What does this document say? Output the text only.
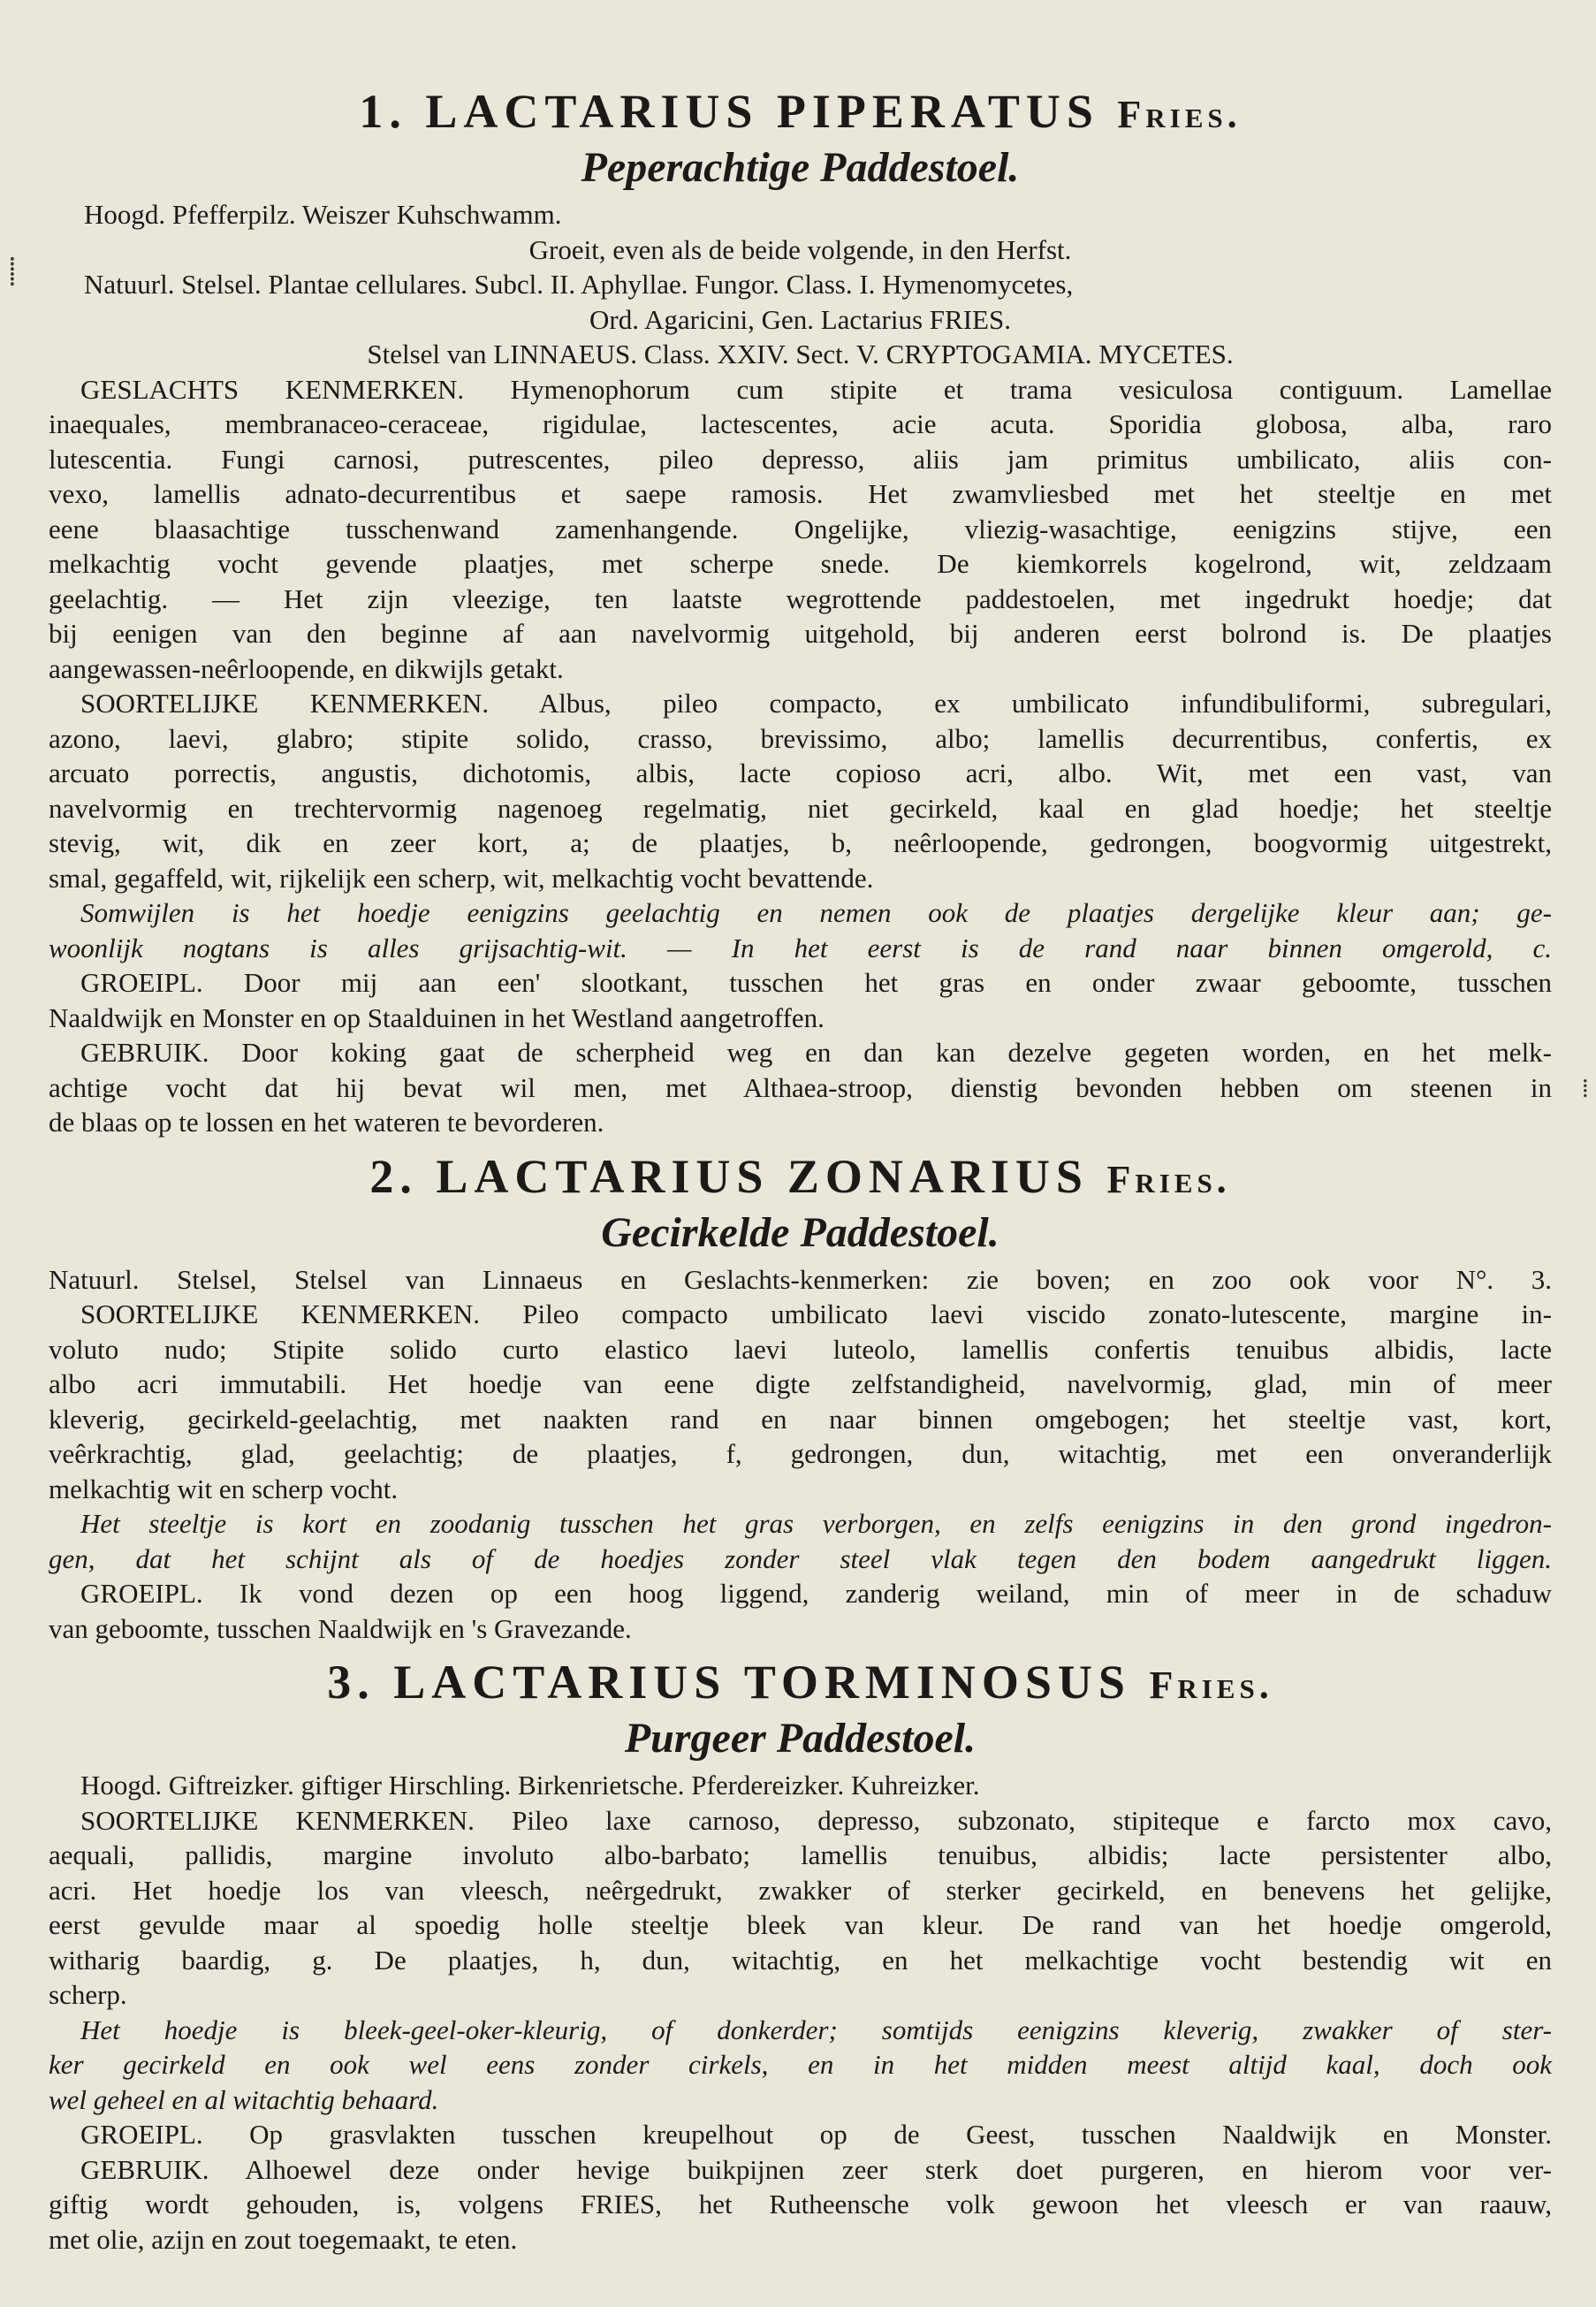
⸽
⁞
1. LACTARIUS PIPERATUS Fries.

Peperachtige Paddestoel.

Hoogd. Pfefferpilz. Weiszer Kuhschwamm.

Groeit, even als de beide volgende, in den Herfst.

Natuurl. Stelsel. Plantae cellulares. Subcl. II. Aphyllae. Fungor. Class. I. Hymenomycetes,

Ord. Agaricini, Gen. Lactarius FRIES.

Stelsel van LINNAEUS. Class. XXIV. Sect. V. CRYPTOGAMIA. MYCETES.

GESLACHTS KENMERKEN. Hymenophorum cum stipite et trama vesiculosa contiguum. Lamellae

inaequales, membranaceo-ceraceae, rigidulae, lactescentes, acie acuta. Sporidia globosa, alba, raro

lutescentia. Fungi carnosi, putrescentes, pileo depresso, aliis jam primitus umbilicato, aliis con-

vexo, lamellis adnato-decurrentibus et saepe ramosis. Het zwamvliesbed met het steeltje en met

eene blaasachtige tusschenwand zamenhangende. Ongelijke, vliezig-wasachtige, eenigzins stijve, een

melkachtig vocht gevende plaatjes, met scherpe snede. De kiemkorrels kogelrond, wit, zeldzaam

geelachtig. — Het zijn vleezige, ten laatste wegrottende paddestoelen, met ingedrukt hoedje; dat

bij eenigen van den beginne af aan navelvormig uitgehold, bij anderen eerst bolrond is. De plaatjes

aangewassen-neêrloopende, en dikwijls getakt.

SOORTELIJKE KENMERKEN. Albus, pileo compacto, ex umbilicato infundibuliformi, subregulari,

azono, laevi, glabro; stipite solido, crasso, brevissimo, albo; lamellis decurrentibus, confertis, ex

arcuato porrectis, angustis, dichotomis, albis, lacte copioso acri, albo. Wit, met een vast, van

navelvormig en trechtervormig nagenoeg regelmatig, niet gecirkeld, kaal en glad hoedje; het steeltje

stevig, wit, dik en zeer kort, a; de plaatjes, b, neêrloopende, gedrongen, boogvormig uitgestrekt,

smal, gegaffeld, wit, rijkelijk een scherp, wit, melkachtig vocht bevattende.

Somwijlen is het hoedje eenigzins geelachtig en nemen ook de plaatjes dergelijke kleur aan; ge-

woonlijk nogtans is alles grijsachtig-wit. — In het eerst is de rand naar binnen omgerold, c.

GROEIPL. Door mij aan een' slootkant, tusschen het gras en onder zwaar geboomte, tusschen

Naaldwijk en Monster en op Staalduinen in het Westland aangetroffen.

GEBRUIK. Door koking gaat de scherpheid weg en dan kan dezelve gegeten worden, en het melk-

achtige vocht dat hij bevat wil men, met Althaea-stroop, dienstig bevonden hebben om steenen in

de blaas op te lossen en het wateren te bevorderen.

2. LACTARIUS ZONARIUS Fries.

Gecirkelde Paddestoel.

Natuurl. Stelsel, Stelsel van Linnaeus en Geslachts-kenmerken: zie boven; en zoo ook voor N°. 3.

SOORTELIJKE KENMERKEN. Pileo compacto umbilicato laevi viscido zonato-lutescente, margine in-

voluto nudo; Stipite solido curto elastico laevi luteolo, lamellis confertis tenuibus albidis, lacte

albo acri immutabili. Het hoedje van eene digte zelfstandigheid, navelvormig, glad, min of meer

kleverig, gecirkeld-geelachtig, met naakten rand en naar binnen omgebogen; het steeltje vast, kort,

veêrkrachtig, glad, geelachtig; de plaatjes, f, gedrongen, dun, witachtig, met een onveranderlijk

melkachtig wit en scherp vocht.

Het steeltje is kort en zoodanig tusschen het gras verborgen, en zelfs eenigzins in den grond ingedron-

gen, dat het schijnt als of de hoedjes zonder steel vlak tegen den bodem aangedrukt liggen.

GROEIPL. Ik vond dezen op een hoog liggend, zanderig weiland, min of meer in de schaduw

van geboomte, tusschen Naaldwijk en 's Gravezande.

3. LACTARIUS TORMINOSUS Fries.

Purgeer Paddestoel.

Hoogd. Giftreizker. giftiger Hirschling. Birkenrietsche. Pferdereizker. Kuhreizker.

SOORTELIJKE KENMERKEN. Pileo laxe carnoso, depresso, subzonato, stipiteque e farcto mox cavo,

aequali, pallidis, margine involuto albo-barbato; lamellis tenuibus, albidis; lacte persistenter albo,

acri. Het hoedje los van vleesch, neêrgedrukt, zwakker of sterker gecirkeld, en benevens het gelijke,

eerst gevulde maar al spoedig holle steeltje bleek van kleur. De rand van het hoedje omgerold,

witharig baardig, g. De plaatjes, h, dun, witachtig, en het melkachtige vocht bestendig wit en

scherp.

Het hoedje is bleek-geel-oker-kleurig, of donkerder; somtijds eenigzins kleverig, zwakker of ster-

ker gecirkeld en ook wel eens zonder cirkels, en in het midden meest altijd kaal, doch ook

wel geheel en al witachtig behaard.

GROEIPL. Op grasvlakten tusschen kreupelhout op de Geest, tusschen Naaldwijk en Monster.

GEBRUIK. Alhoewel deze onder hevige buikpijnen zeer sterk doet purgeren, en hierom voor ver-

giftig wordt gehouden, is, volgens FRIES, het Rutheensche volk gewoon het vleesch er van raauw,

met olie, azijn en zout toegemaakt, te eten.
